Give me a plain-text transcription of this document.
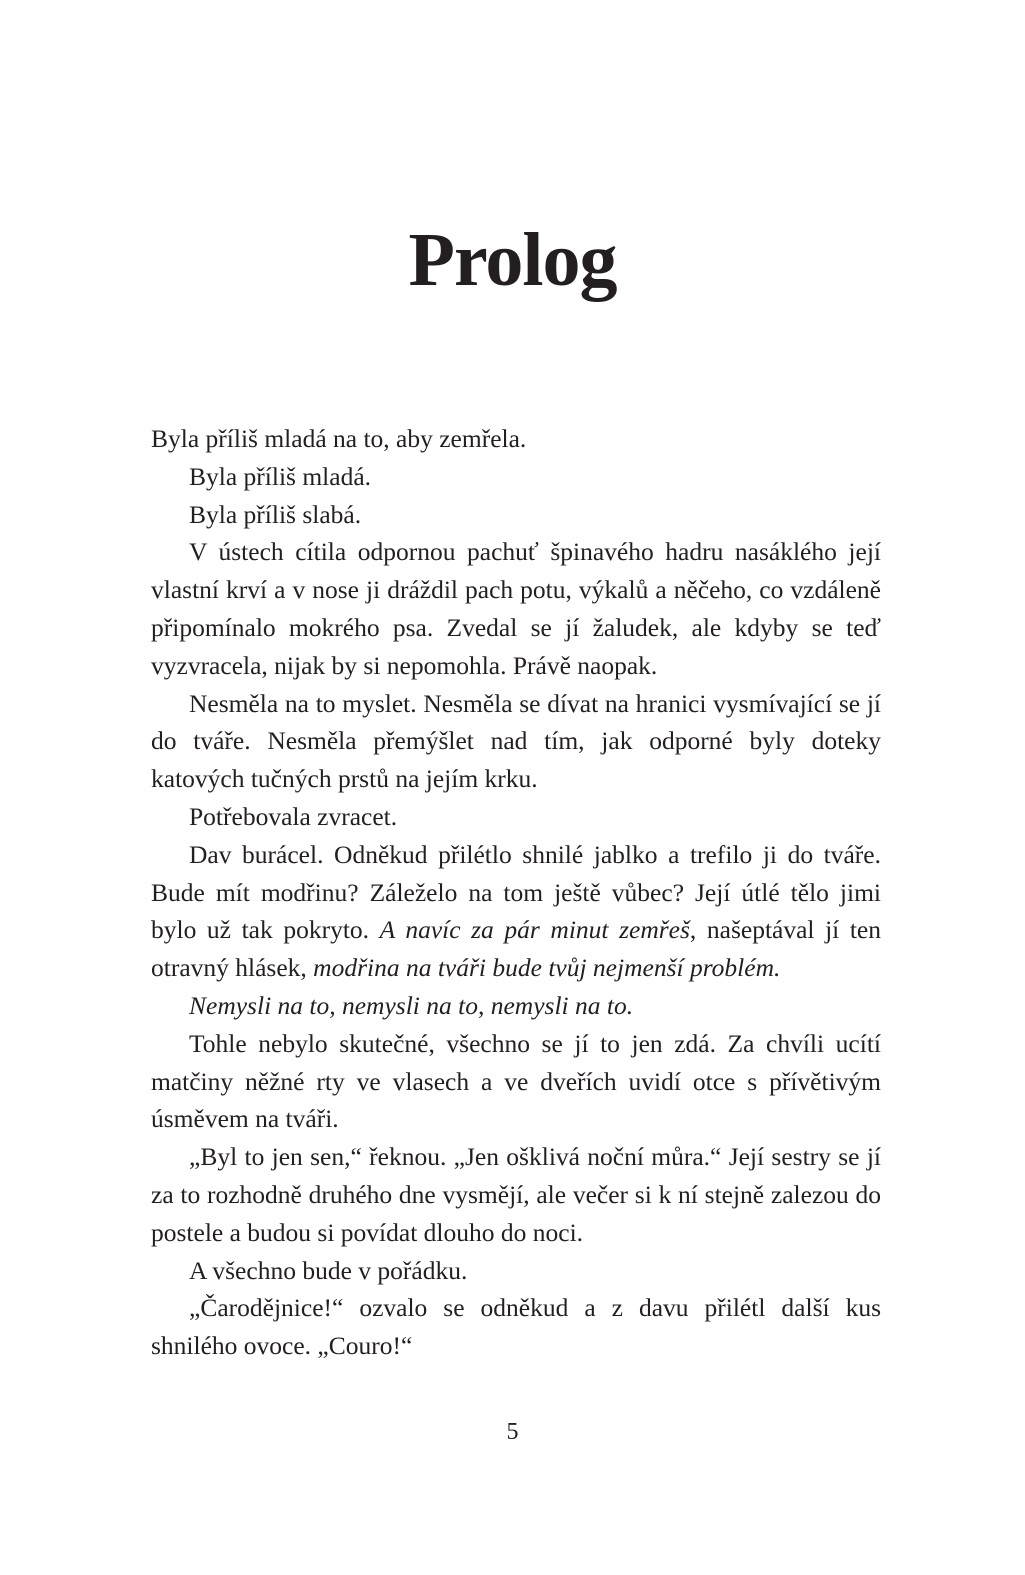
Prolog

Byla příliš mladá na to, aby zemřela.

Byla příliš mladá.

Byla příliš slabá.

V ústech cítila odpornou pachuť špinavého hadru nasáklého její vlastní krví a v nose ji dráždil pach potu, výkalů a něčeho, co vzdáleně připomínalo mokrého psa. Zvedal se jí žaludek, ale kdyby se teď vyzvracela, nijak by si nepomohla. Právě naopak.

Nesměla na to myslet. Nesměla se dívat na hranici vysmívající se jí do tváře. Nesměla přemýšlet nad tím, jak odporné byly doteky katových tučných prstů na jejím krku.

Potřebovala zvracet.

Dav burácel. Odněkud přilétlo shnilé jablko a trefilo ji do tváře. Bude mít modřinu? Záleželo na tom ještě vůbec? Její útlé tělo jimi bylo už tak pokryto. A navíc za pár minut zemřeš, našeptával jí ten otravný hlásek, modřina na tváři bude tvůj nejmenší problém.

Nemysli na to, nemysli na to, nemysli na to.

Tohle nebylo skutečné, všechno se jí to jen zdá. Za chvíli ucítí matčiny něžné rty ve vlasech a ve dveřích uvidí otce s přívětivým úsměvem na tváři.

„Byl to jen sen,“ řeknou. „Jen ošklivá noční můra.“ Její sestry se jí za to rozhodně druhého dne vysmějí, ale večer si k ní stejně zalezou do postele a budou si povídat dlouho do noci.

A všechno bude v pořádku.

„Čarodějnice!“ ozvalo se odněkud a z davu přilétl další kus shnilého ovoce. „Couro!“

5
